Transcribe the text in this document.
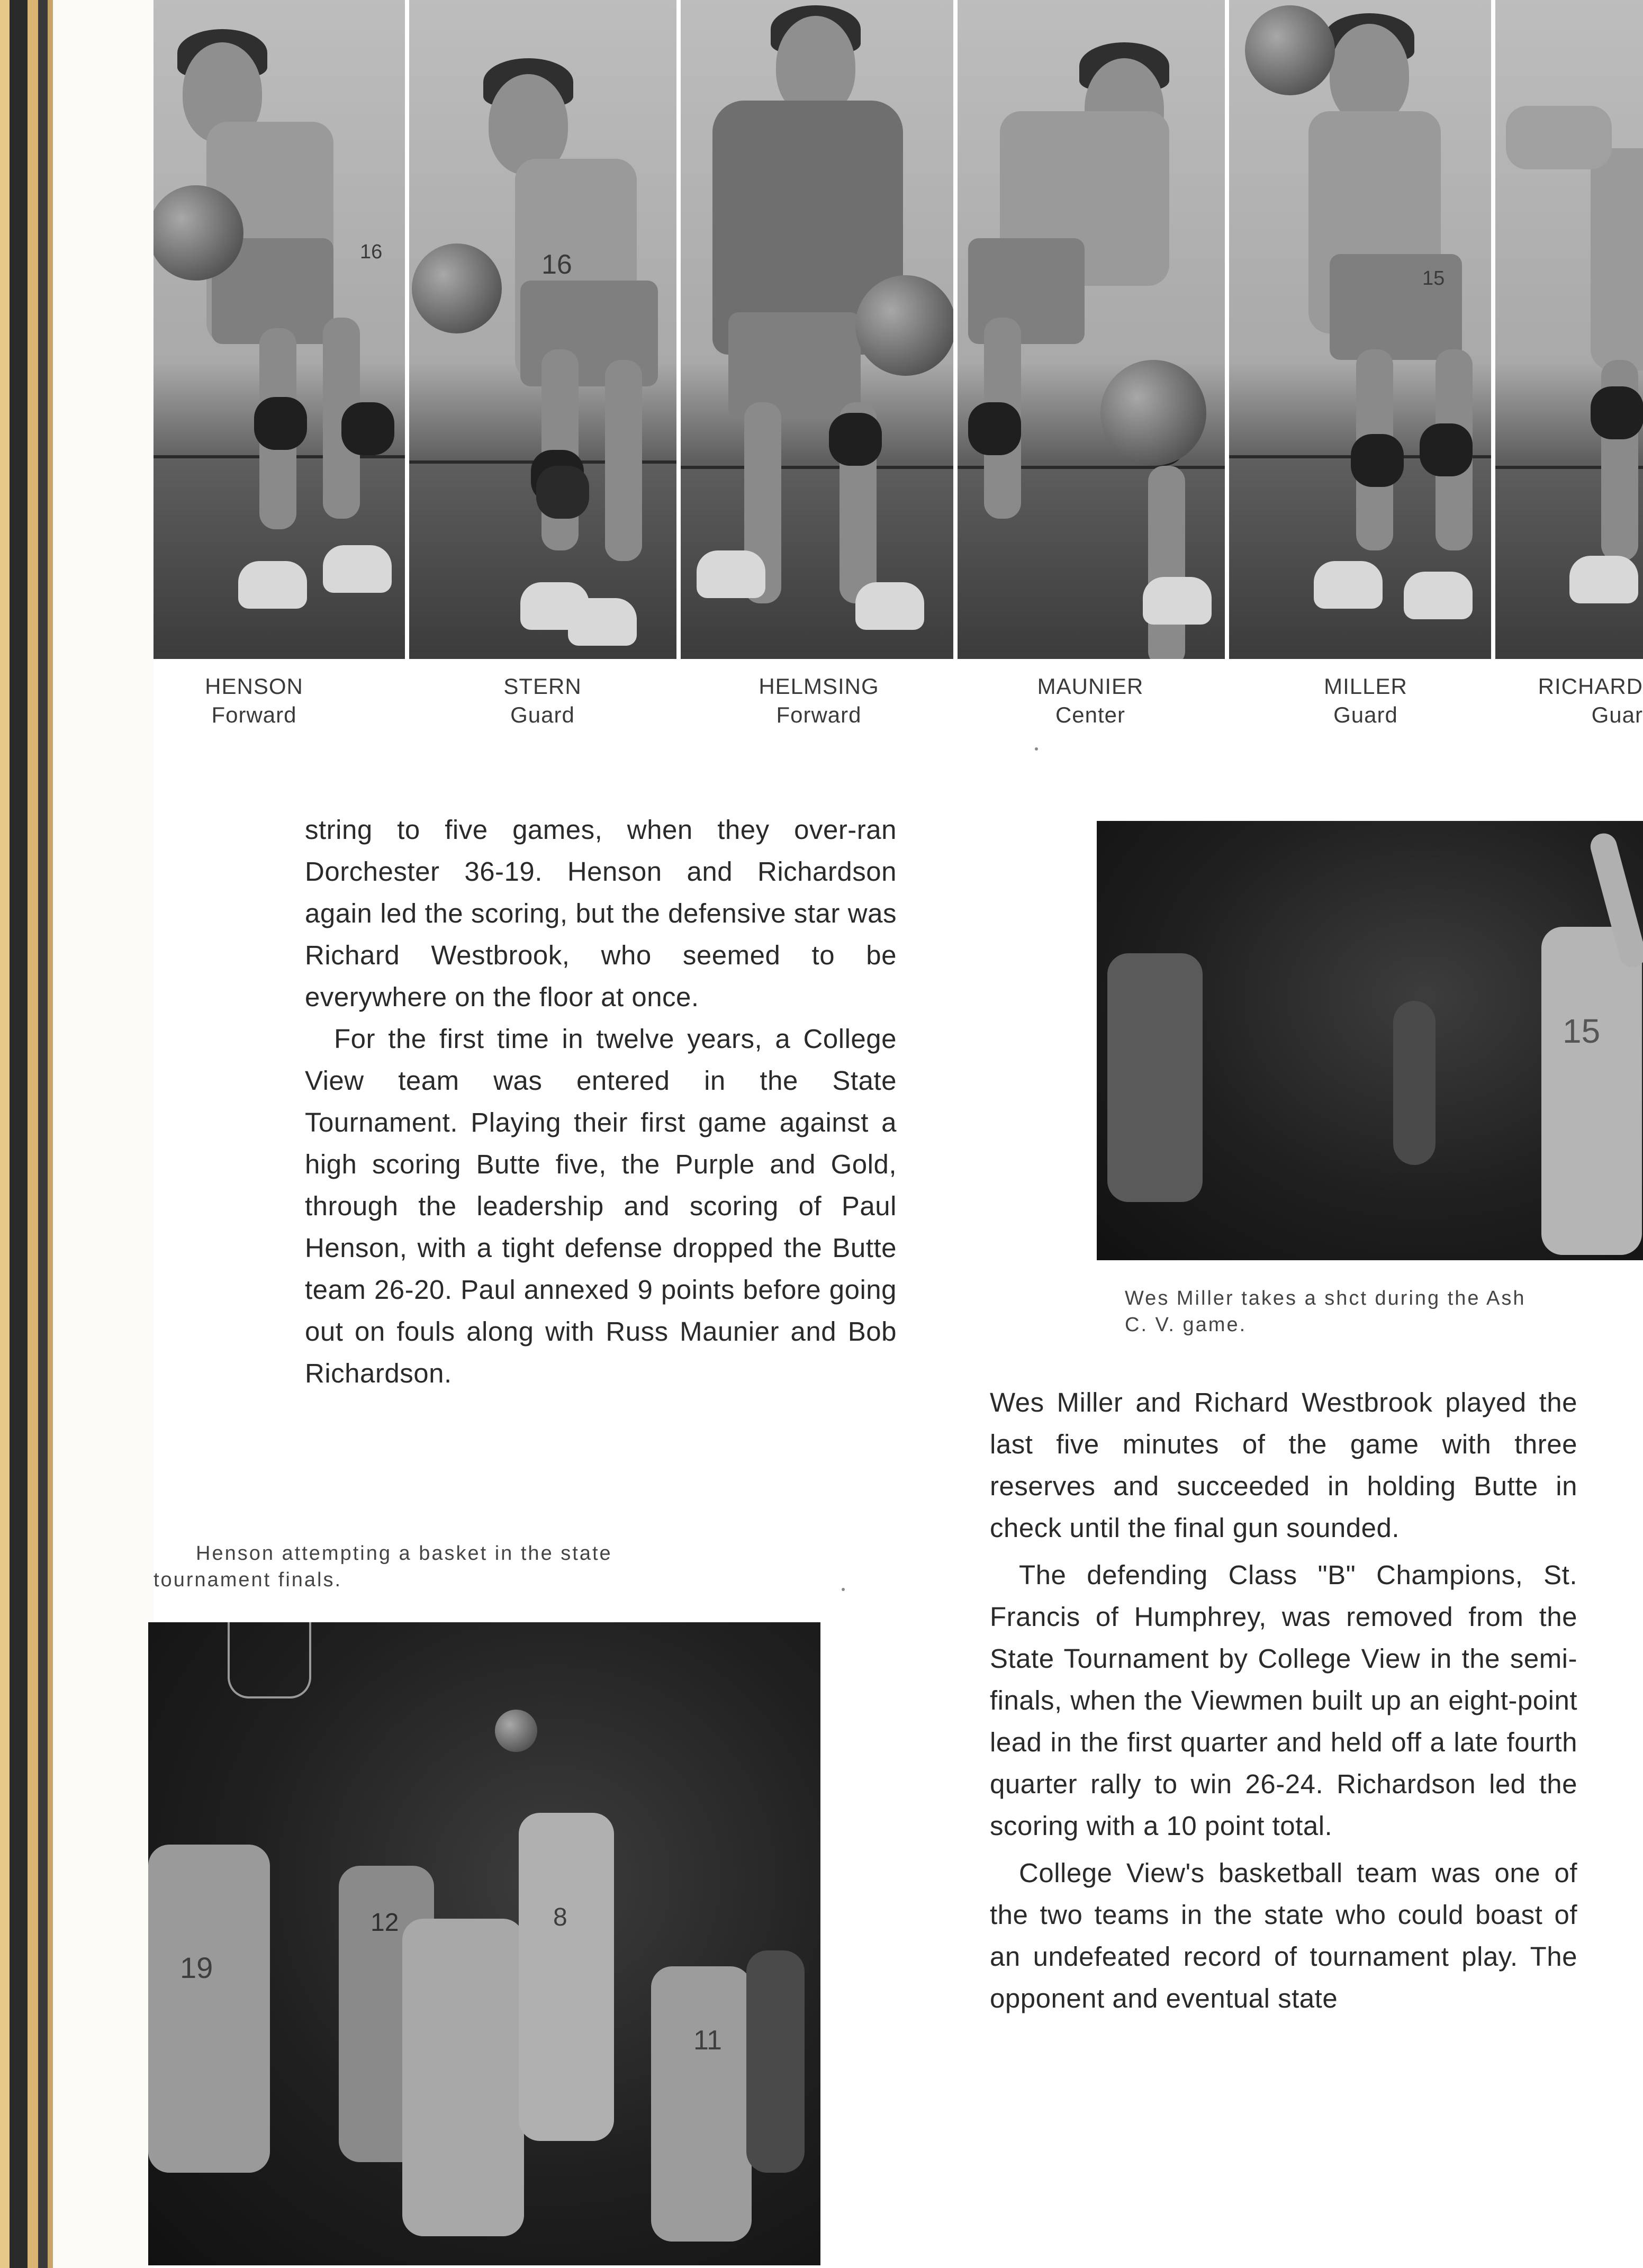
16	16	15
HENSON
Forward
STERN
Guard
HELMSING
Forward
MAUNIER
Center
MILLER
Guard
RICHARD
Guar

string to five games, when they over-ran Dorchester 36-19. Henson and Richardson again led the scoring, but the defensive star was Richard Westbrook, who seemed to be everywhere on the floor at once.

For the first time in twelve years, a College View team was entered in the State Tournament. Playing their first game against a high scoring Butte five, the Purple and Gold, through the leadership and scoring of Paul Henson, with a tight defense dropped the Butte team 26-20. Paul annexed 9 points before going out on fouls along with Russ Maunier and Bob Richardson.

15
Wes Miller takes a shct during the Ash
C. V. game.
Henson attempting a basket in the state
tournament finals.
19
12	8
11

Wes Miller and Richard Westbrook played the last five minutes of the game with three reserves and succeeded in holding Butte in check until the final gun sounded.

The defending Class "B" Champions, St. Francis of Humphrey, was removed from the State Tournament by College View in the semi-finals, when the Viewmen built up an eight-point lead in the first quarter and held off a late fourth quarter rally to win 26-24. Richardson led the scoring with a 10 point total.

College View's basketball team was one of the two teams in the state who could boast of an undefeated record of tournament play. The opponent and eventual state
